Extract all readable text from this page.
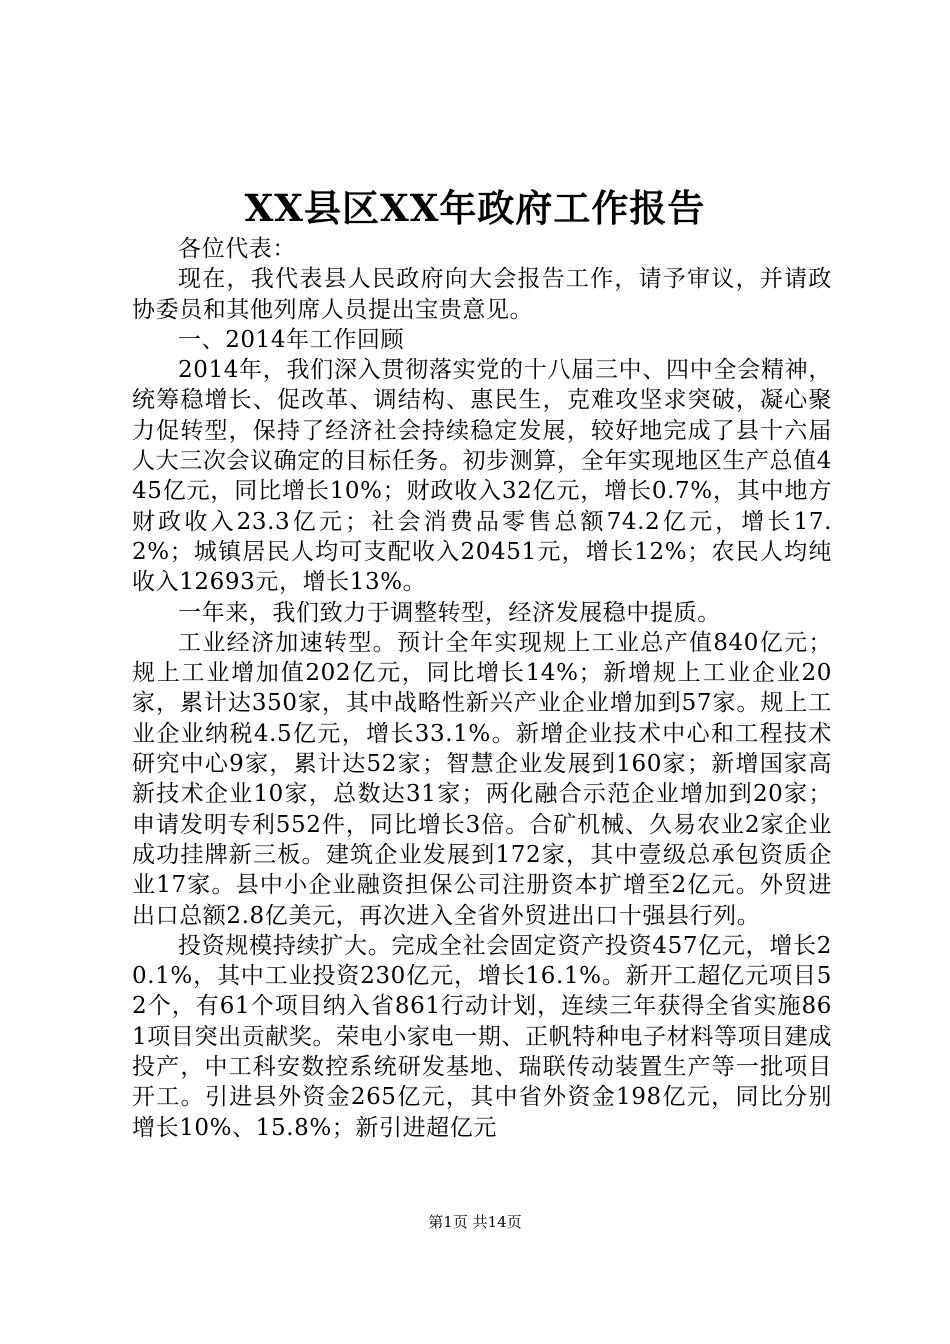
XX县区XX年政府工作报告

各位代表：

现在，我代表县人民政府向大会报告工作，请予审议，并请政协委员和其他列席人员提出宝贵意见。

一、2014年工作回顾

2014年，我们深入贯彻落实党的十八届三中、四中全会精神，统筹稳增长、促改革、调结构、惠民生，克难攻坚求突破，凝心聚力促转型，保持了经济社会持续稳定发展，较好地完成了县十六届人大三次会议确定的目标任务。初步测算，全年实现地区生产总值445亿元，同比增长10%；财政收入32亿元，增长0.7%，其中地方财政收入23.3亿元；社会消费品零售总额74.2亿元，增长17.2%；城镇居民人均可支配收入20451元，增长12%；农民人均纯收入12693元，增长13%。

一年来，我们致力于调整转型，经济发展稳中提质。

工业经济加速转型。预计全年实现规上工业总产值840亿元；规上工业增加值202亿元，同比增长14%；新增规上工业企业20家，累计达350家，其中战略性新兴产业企业增加到57家。规上工业企业纳税4.5亿元，增长33.1%。新增企业技术中心和工程技术研究中心9家，累计达52家；智慧企业发展到160家；新增国家高新技术企业10家，总数达31家；两化融合示范企业增加到20家；申请发明专利552件，同比增长3倍。合矿机械、久易农业2家企业成功挂牌新三板。建筑企业发展到172家，其中壹级总承包资质企业17家。县中小企业融资担保公司注册资本扩增至2亿元。外贸进出口总额2.8亿美元，再次进入全省外贸进出口十强县行列。

投资规模持续扩大。完成全社会固定资产投资457亿元，增长20.1%，其中工业投资230亿元，增长16.1%。新开工超亿元项目52个，有61个项目纳入省861行动计划，连续三年获得全省实施861项目突出贡献奖。荣电小家电一期、正帆特种电子材料等项目建成投产，中工科安数控系统研发基地、瑞联传动装置生产等一批项目开工。引进县外资金265亿元，其中省外资金198亿元，同比分别增长10%、15.8%；新引进超亿元

第1页 共14页
